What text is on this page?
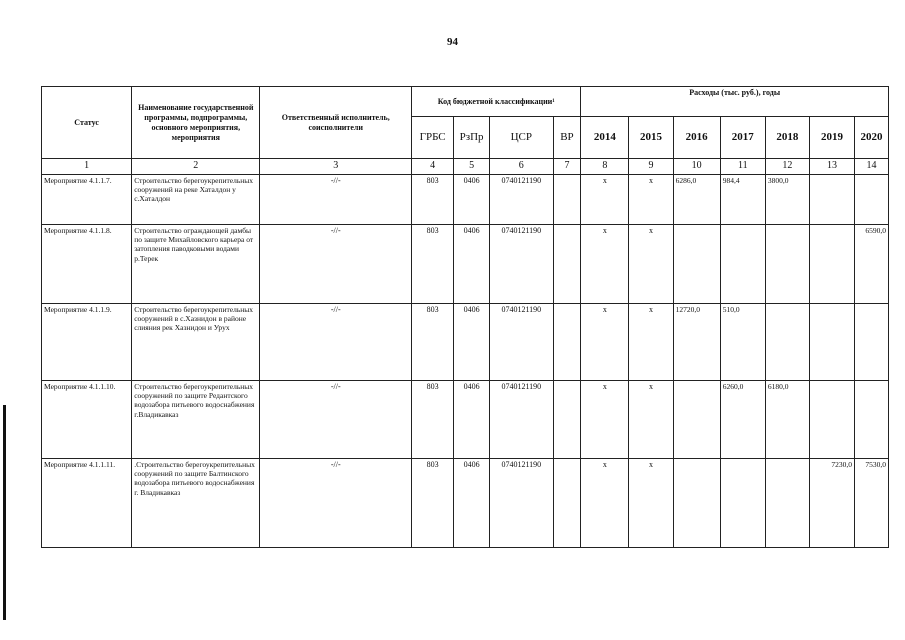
94
Статус	Наименование государственной программы, подпрограммы, основного мероприятия, мероприятия	Ответственный исполнитель, соисполнители	Код бюджетной классификации¹				Расходы (тыс. руб.), годы						
			ГРБС	РзПр	ЦСР	ВР	2014	2015	2016	2017	2018	2019	2020
1	2	3	4	5	6	7	8	9	10	11	12	13	14
Мероприятие 4.1.1.7.	Строительство берегоукрепительных сооружений на реке Хаталдон у с.Хаталдон	-//-	803	0406	0740121190		x	x	6286,0	984,4	3800,0		
Мероприятие 4.1.1.8.	Строительство ограждающей дамбы по защите Михайловского карьера от затопления паводковыми водами р.Терек	-//-	803	0406	0740121190		x	x					6590,0
Мероприятие 4.1.1.9.	Строительство берегоукрепительных сооружений в с.Хазнидон в районе слияния рек Хазнидон и Урух	-//-	803	0406	0740121190		x	x	12720,0	510,0			
Мероприятие 4.1.1.10.	Строительство берегоукрепительных сооружений по защите Редантского водозабора питьевого водоснабжения г.Владикавказ	-//-	803	0406	0740121190		x	x		6260,0	6180,0		
Мероприятие 4.1.1.11.	.Строительство берегоукрепительных сооружений по защите Балтинского водозабора питьевого водоснабжения г. Владикавказ	-//-	803	0406	0740121190		x	x				7230,0	7530,0
